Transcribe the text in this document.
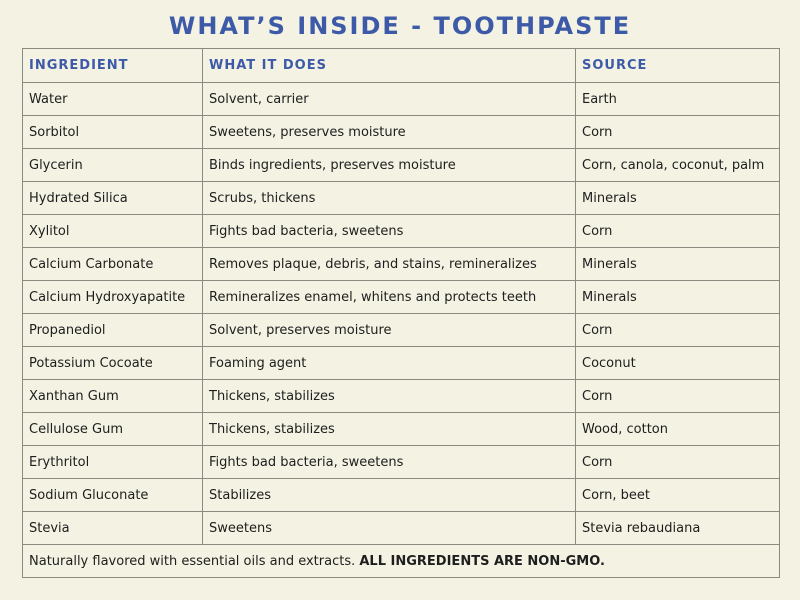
WHAT’S INSIDE - TOOTHPASTE
INGREDIENT	WHAT IT DOES	SOURCE
Water	Solvent, carrier	Earth
Sorbitol	Sweetens, preserves moisture	Corn
Glycerin	Binds ingredients, preserves moisture	Corn, canola, coconut, palm
Hydrated Silica	Scrubs, thickens	Minerals
Xylitol	Fights bad bacteria, sweetens	Corn
Calcium Carbonate	Removes plaque, debris, and stains, remineralizes	Minerals
Calcium Hydroxyapatite	Remineralizes enamel, whitens and protects teeth	Minerals
Propanediol	Solvent, preserves moisture	Corn
Potassium Cocoate	Foaming agent	Coconut
Xanthan Gum	Thickens, stabilizes	Corn
Cellulose Gum	Thickens, stabilizes	Wood, cotton
Erythritol	Fights bad bacteria, sweetens	Corn
Sodium Gluconate	Stabilizes	Corn, beet
Stevia	Sweetens	Stevia rebaudiana
Naturally flavored with essential oils and extracts. ALL INGREDIENTS ARE NON-GMO.		
